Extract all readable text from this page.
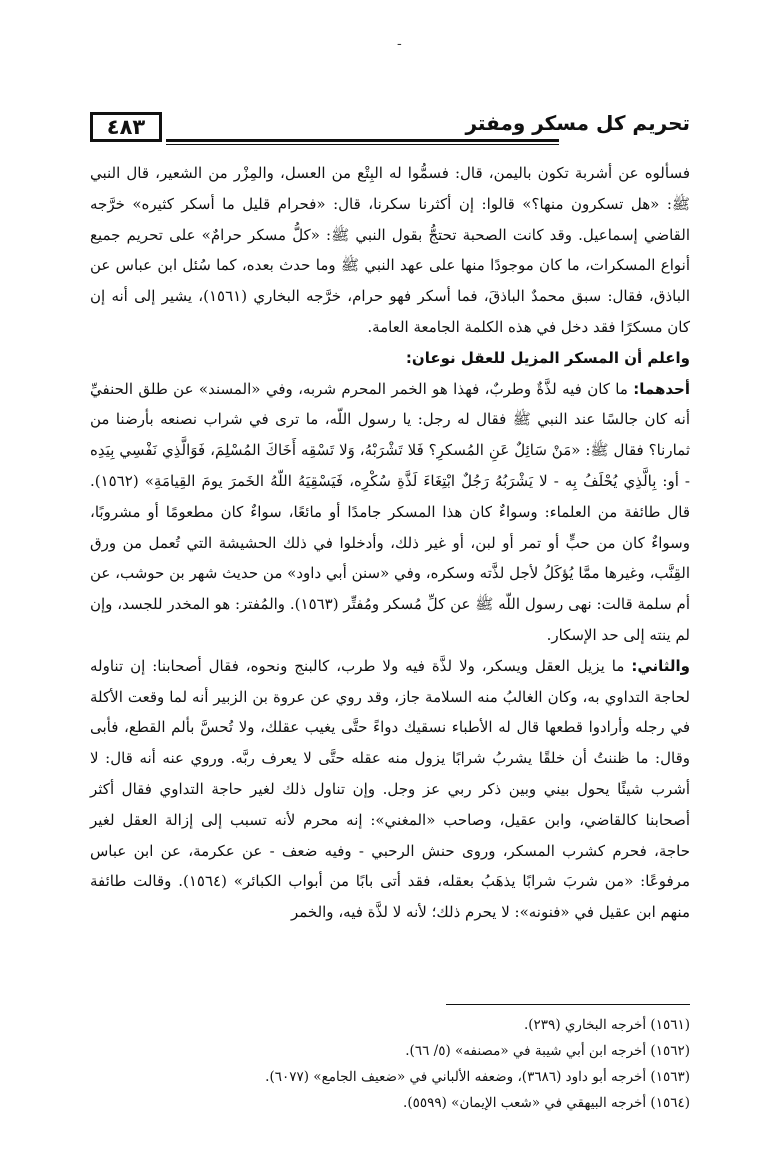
-
٤٨٣	تحريم كل مسكر ومفتر

فسألوه عن أشربة تكون باليمن، قال: فسمُّوا له البِتْع من العسل، والمِزْر من الشعير، قال النبي ﷺ: «هل تسكرون منها؟» قالوا: إن أكثرنا سكرنا، قال: «فحرام قليل ما أسكر كثيره» خرَّجه القاضي إسماعيل. وقد كانت الصحبة تحتجُّ بقول النبي ﷺ: «كلُّ مسكر حرامٌ» على تحريم جميع أنواع المسكرات، ما كان موجودًا منها على عهد النبي ﷺ وما حدث بعده، كما سُئل ابن عباس عن الباذق، فقال: سبق محمدٌ الباذقَ، فما أسكر فهو حرام، خرَّجه البخاري (١٥٦١)، يشير إلى أنه إن كان مسكرًا فقد دخل في هذه الكلمة الجامعة العامة.

واعلم أن المسكر المزيل للعقل نوعان:

أحدهما: ما كان فيه لذَّةٌ وطربٌ، فهذا هو الخمر المحرم شربه، وفي «المسند» عن طلق الحنفيِّ أنه كان جالسًا عند النبي ﷺ فقال له رجل: يا رسول اللّه، ما ترى في شراب نصنعه بأرضنا من ثمارنا؟ فقال ﷺ: «مَنْ سَائِلٌ عَنِ المُسكرِ؟ فَلا تَشْرَبْهُ، وَلا تَسْقِه أَخَاكَ المُسْلِمَ، فَوَالَّذِي نَفْسِي بِيَدِه - أو: بِالَّذِي يُحْلَفُ بِه - لا يَشْرَبُهُ رَجُلٌ ابْتِغَاءَ لَذَّةِ سُكْرِه، فَيَسْقِيَهُ اللّهُ الخَمرَ يومَ القِيامَةِ» (١٥٦٢). قال طائفة من العلماء: وسواءٌ كان هذا المسكر جامدًا أو مائعًا، سواءٌ كان مطعومًا أو مشروبًا، وسواءٌ كان من حبٍّ أو تمر أو لبن، أو غير ذلك، وأدخلوا في ذلك الحشيشة التي تُعمل من ورق القِنَّب، وغيرها ممَّا يُؤكَلُ لأجل لذَّته وسكره، وفي «سنن أبي داود» من حديث شهر بن حوشب، عن أم سلمة قالت: نهى رسول اللّه ﷺ عن كلِّ مُسكر ومُفتِّر (١٥٦٣). والمُفتر: هو المخدر للجسد، وإن لم ينته إلى حد الإسكار.

والثاني: ما يزيل العقل ويسكر، ولا لذَّة فيه ولا طرب، كالبنج ونحوه، فقال أصحابنا: إن تناوله لحاجة التداوي به، وكان الغالبُ منه السلامة جاز، وقد روي عن عروة بن الزبير أنه لما وقعت الأكلة في رجله وأرادوا قطعها قال له الأطباء نسقيك دواءً حتَّى يغيب عقلك، ولا تُحسَّ بألم القطع، فأبى وقال: ما ظننتُ أن خلقًا يشربُ شرابًا يزول منه عقله حتَّى لا يعرف ربَّه. وروي عنه أنه قال: لا أشرب شيئًا يحول بيني وبين ذكر ربي عز وجل. وإن تناول ذلك لغير حاجة التداوي فقال أكثر أصحابنا كالقاضي، وابن عقيل، وصاحب «المغني»: إنه محرم لأنه تسبب إلى إزالة العقل لغير حاجة، فحرم كشرب المسكر، وروى حنش الرحبي - وفيه ضعف - عن عكرمة، عن ابن عباس مرفوعًا: «من شربَ شرابًا يذهَبُ بعقله، فقد أتى بابًا من أبواب الكبائر» (١٥٦٤). وقالت طائفة منهم ابن عقيل في «فنونه»: لا يحرم ذلك؛ لأنه لا لذَّة فيه، والخمر

(١٥٦١) أخرجه البخاري (٢٣٩).
(١٥٦٢) أخرجه ابن أبي شيبة في «مصنفه» (٥/ ٦٦).
(١٥٦٣) أخرجه أبو داود (٣٦٨٦)، وضعفه الألباني في «ضعيف الجامع» (٦٠٧٧).
(١٥٦٤) أخرجه البيهقي في «شعب الإيمان» (٥٥٩٩).
